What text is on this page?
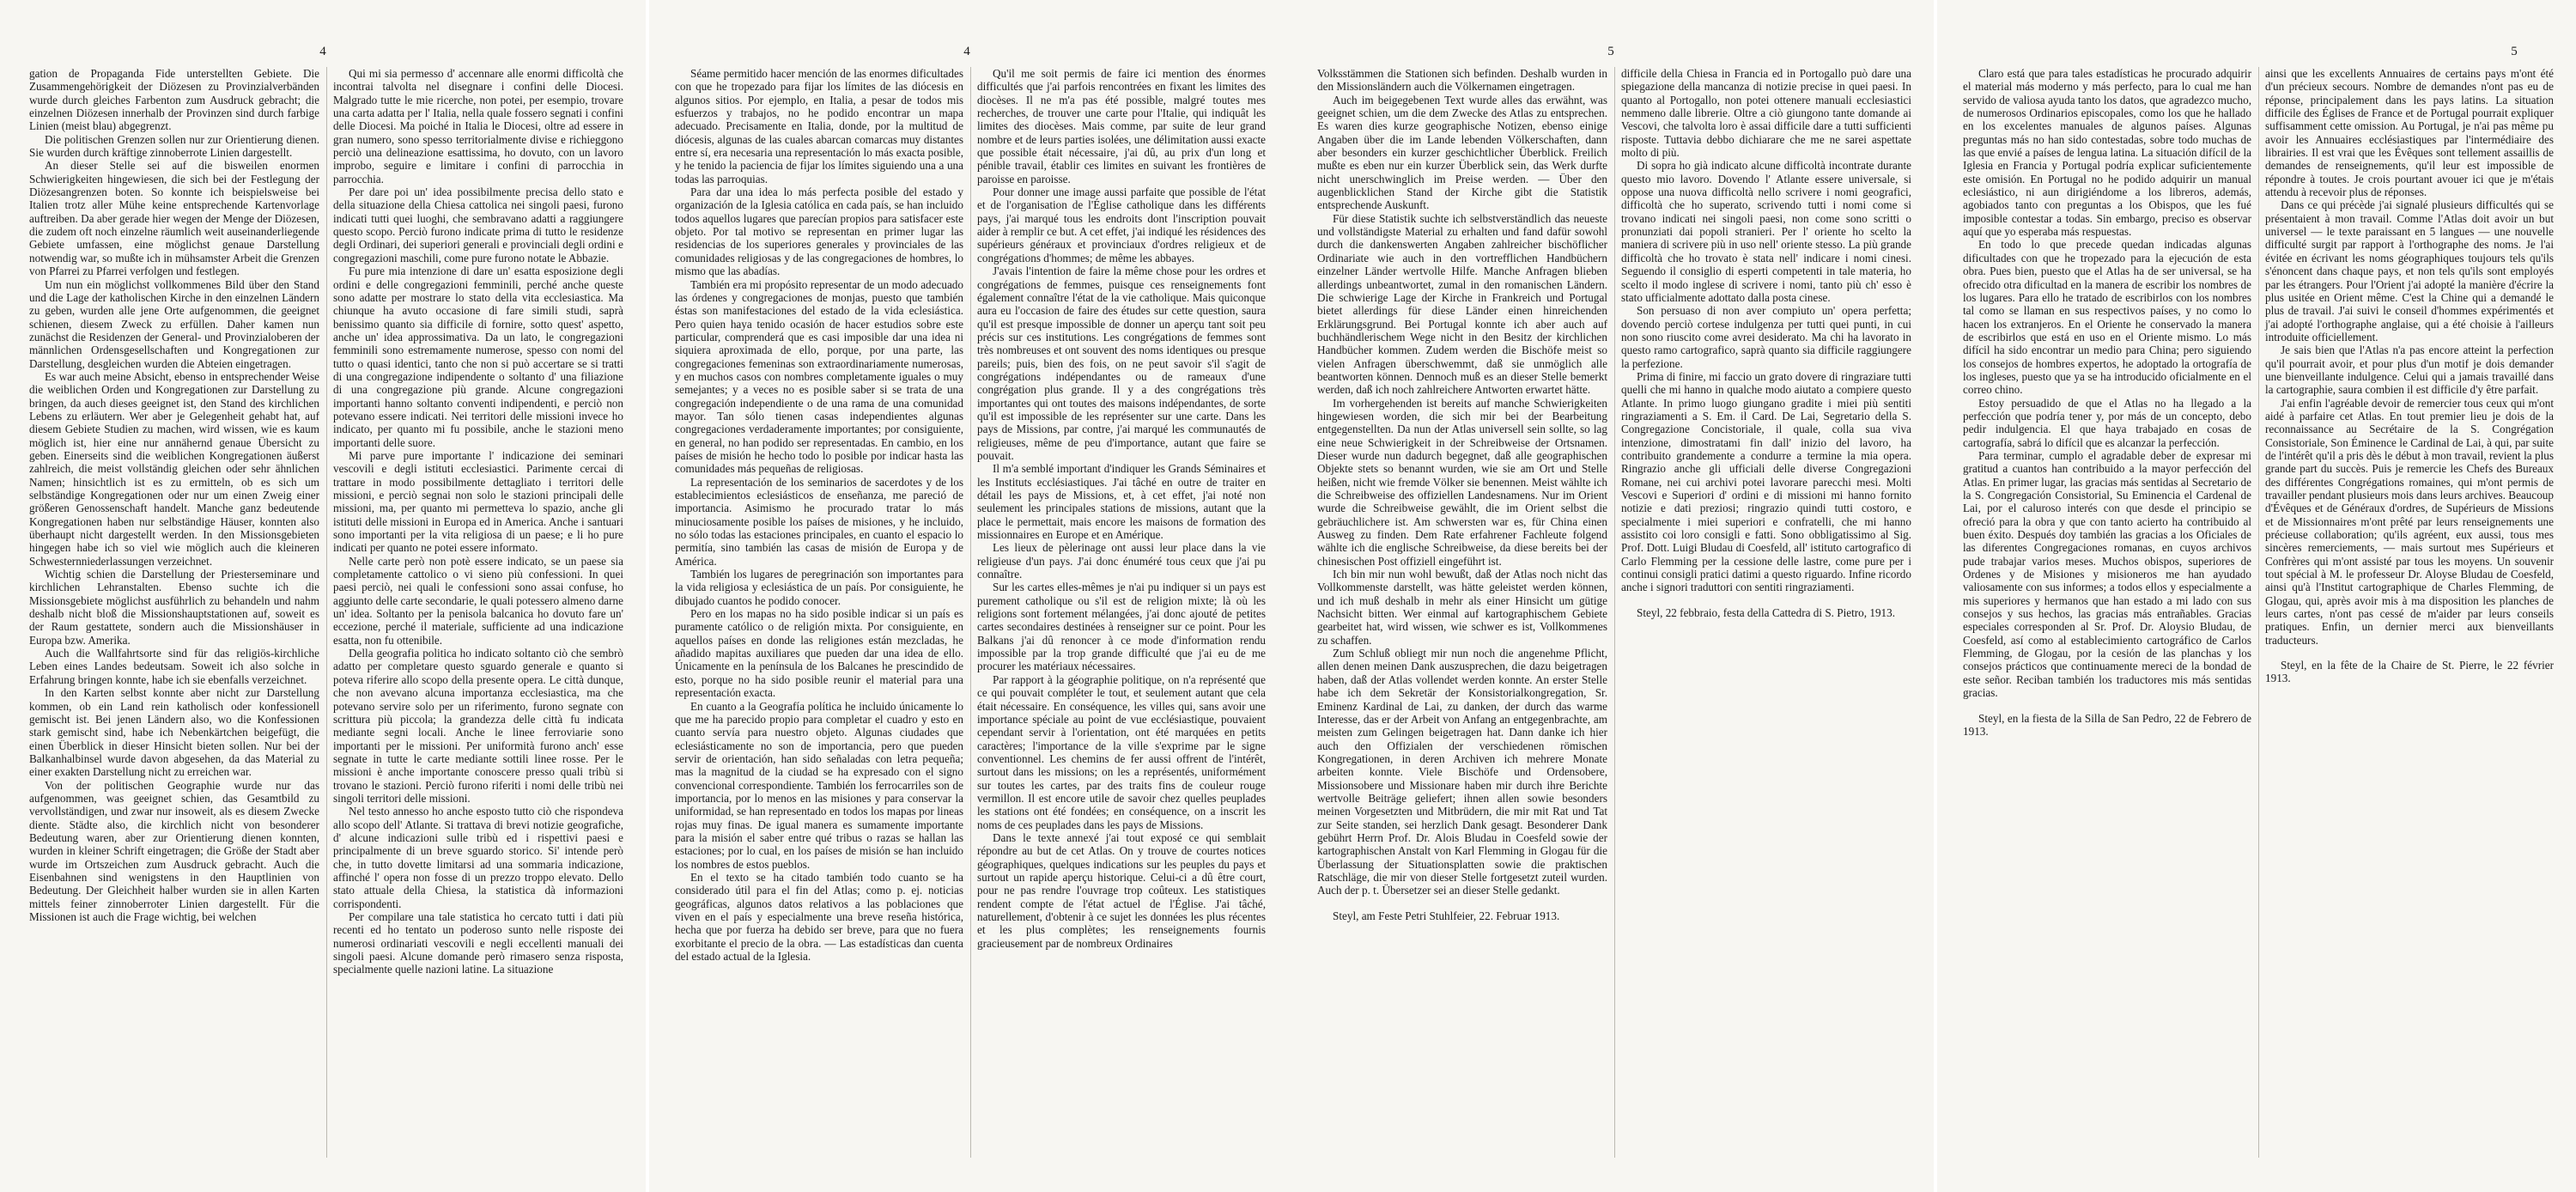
4

gation de Propaganda Fide unterstellten Gebiete. Die Zusammengehörigkeit der Diözesen zu Provinzialverbänden wurde durch gleiches Farbenton zum Ausdruck gebracht; die einzelnen Diözesen innerhalb der Provinzen sind durch farbige Linien (meist blau) abgegrenzt.

Die politischen Grenzen sollen nur zur Orientierung dienen. Sie wurden durch kräftige zinnoberrote Linien dargestellt.

An dieser Stelle sei auf die bisweilen enormen Schwierigkeiten hingewiesen, die sich bei der Festlegung der Diözesangrenzen boten. So konnte ich beispielsweise bei Italien trotz aller Mühe keine entsprechende Kartenvorlage auftreiben. Da aber gerade hier wegen der Menge der Diözesen, die zudem oft noch einzelne räumlich weit auseinanderliegende Gebiete umfassen, eine möglichst genaue Darstellung notwendig war, so mußte ich in mühsamster Arbeit die Grenzen von Pfarrei zu Pfarrei verfolgen und festlegen.

Um nun ein möglichst vollkommenes Bild über den Stand und die Lage der katholischen Kirche in den einzelnen Ländern zu geben, wurden alle jene Orte aufgenommen, die geeignet schienen, diesem Zweck zu erfüllen. Daher kamen nun zunächst die Residenzen der General- und Provinzialoberen der männlichen Ordensgesellschaften und Kongregationen zur Darstellung, desgleichen wurden die Abteien eingetragen.

Es war auch meine Absicht, ebenso in entsprechender Weise die weiblichen Orden und Kongregationen zur Darstellung zu bringen, da auch dieses geeignet ist, den Stand des kirchlichen Lebens zu erläutern. Wer aber je Gelegenheit gehabt hat, auf diesem Gebiete Studien zu machen, wird wissen, wie es kaum möglich ist, hier eine nur annähernd genaue Übersicht zu geben. Einerseits sind die weiblichen Kongregationen äußerst zahlreich, die meist vollständig gleichen oder sehr ähnlichen Namen; hinsichtlich ist es zu ermitteln, ob es sich um selbständige Kongregationen oder nur um einen Zweig einer größeren Genossenschaft handelt. Manche ganz bedeutende Kongregationen haben nur selbständige Häuser, konnten also überhaupt nicht dargestellt werden. In den Missionsgebieten hingegen habe ich so viel wie möglich auch die kleineren Schwesternniederlassungen verzeichnet.

Wichtig schien die Darstellung der Priesterseminare und kirchlichen Lehranstalten. Ebenso suchte ich die Missionsgebiete möglichst ausführlich zu behandeln und nahm deshalb nicht bloß die Missionshauptstationen auf, soweit es der Raum gestattete, sondern auch die Missionshäuser in Europa bzw. Amerika.

Auch die Wallfahrtsorte sind für das religiös-kirchliche Leben eines Landes bedeutsam. Soweit ich also solche in Erfahrung bringen konnte, habe ich sie ebenfalls verzeichnet.

In den Karten selbst konnte aber nicht zur Darstellung kommen, ob ein Land rein katholisch oder konfessionell gemischt ist. Bei jenen Ländern also, wo die Konfessionen stark gemischt sind, habe ich Nebenkärtchen beigefügt, die einen Überblick in dieser Hinsicht bieten sollen. Nur bei der Balkanhalbinsel wurde davon abgesehen, da das Material zu einer exakten Darstellung nicht zu erreichen war.

Von der politischen Geographie wurde nur das aufgenommen, was geeignet schien, das Gesamtbild zu vervollständigen, und zwar nur insoweit, als es diesem Zwecke diente. Städte also, die kirchlich nicht von besonderer Bedeutung waren, aber zur Orientierung dienen konnten, wurden in kleiner Schrift eingetragen; die Größe der Stadt aber wurde im Ortszeichen zum Ausdruck gebracht. Auch die Eisenbahnen sind wenigstens in den Hauptlinien von Bedeutung. Der Gleichheit halber wurden sie in allen Karten mittels feiner zinnoberroter Linien dargestellt. Für die Missionen ist auch die Frage wichtig, bei welchen

Qui mi sia permesso d' accennare alle enormi difficoltà che incontrai talvolta nel disegnare i confini delle Diocesi. Malgrado tutte le mie ricerche, non potei, per esempio, trovare una carta adatta per l' Italia, nella quale fossero segnati i confini delle Diocesi. Ma poiché in Italia le Diocesi, oltre ad essere in gran numero, sono spesso territorialmente divise e richieggono perciò una delineazione esattissima, ho dovuto, con un lavoro improbo, seguire e limitare i confini di parrocchia in parrocchia.

Per dare poi un' idea possibilmente precisa dello stato e della situazione della Chiesa cattolica nei singoli paesi, furono indicati tutti quei luoghi, che sembravano adatti a raggiungere questo scopo. Perciò furono indicate prima di tutto le residenze degli Ordinari, dei superiori generali e provinciali degli ordini e congregazioni maschili, come pure furono notate le Abbazie.

Fu pure mia intenzione di dare un' esatta esposizione degli ordini e delle congregazioni femminili, perché anche queste sono adatte per mostrare lo stato della vita ecclesiastica. Ma chiunque ha avuto occasione di fare simili studi, saprà benissimo quanto sia difficile di fornire, sotto quest' aspetto, anche un' idea approssimativa. Da un lato, le congregazioni femminili sono estremamente numerose, spesso con nomi del tutto o quasi identici, tanto che non si può accertare se si tratti di una congregazione indipendente o soltanto d' una filiazione di una congregazione più grande. Alcune congregazioni importanti hanno soltanto conventi indipendenti, e perciò non potevano essere indicati. Nei territori delle missioni invece ho indicato, per quanto mi fu possibile, anche le stazioni meno importanti delle suore.

Mi parve pure importante l' indicazione dei seminari vescovili e degli istituti ecclesiastici. Parimente cercai di trattare in modo possibilmente dettagliato i territori delle missioni, e perciò segnai non solo le stazioni principali delle missioni, ma, per quanto mi permetteva lo spazio, anche gli istituti delle missioni in Europa ed in America. Anche i santuari sono importanti per la vita religiosa di un paese; e li ho pure indicati per quanto ne potei essere informato.

Nelle carte però non potè essere indicato, se un paese sia completamente cattolico o vi sieno più confessioni. In quei paesi perciò, nei quali le confessioni sono assai confuse, ho aggiunto delle carte secondarie, le quali potessero almeno darne un' idea. Soltanto per la penisola balcanica ho dovuto fare un' eccezione, perché il materiale, sufficiente ad una indicazione esatta, non fu ottenibile.

Della geografia politica ho indicato soltanto ciò che sembrò adatto per completare questo sguardo generale e quanto si poteva riferire allo scopo della presente opera. Le città dunque, che non avevano alcuna importanza ecclesiastica, ma che potevano servire solo per un riferimento, furono segnate con scrittura più piccola; la grandezza delle città fu indicata mediante segni locali. Anche le linee ferroviarie sono importanti per le missioni. Per uniformità furono anch' esse segnate in tutte le carte mediante sottili linee rosse. Per le missioni è anche importante conoscere presso quali tribù si trovano le stazioni. Perciò furono riferiti i nomi delle tribù nei singoli territori delle missioni.

Nel testo annesso ho anche esposto tutto ciò che rispondeva allo scopo dell' Atlante. Si trattava di brevi notizie geografiche, d' alcune indicazioni sulle tribù ed i rispettivi paesi e principalmente di un breve sguardo storico. Si' intende però che, in tutto dovette limitarsi ad una sommaria indicazione, affinché l' opera non fosse di un prezzo troppo elevato. Dello stato attuale della Chiesa, la statistica dà informazioni corrispondenti.

Per compilare una tale statistica ho cercato tutti i dati più recenti ed ho tentato un poderoso sunto nelle risposte dei numerosi ordinariati vescovili e negli eccellenti manuali dei singoli paesi. Alcune domande però rimasero senza risposta, specialmente quelle nazioni latine. La situazione

4

Séame permitido hacer mención de las enormes dificultades con que he tropezado para fijar los límites de las diócesis en algunos sitios. Por ejemplo, en Italia, a pesar de todos mis esfuerzos y trabajos, no he podido encontrar un mapa adecuado. Precisamente en Italia, donde, por la multitud de diócesis, algunas de las cuales abarcan comarcas muy distantes entre sí, era necesaria una representación lo más exacta posible, y he tenido la paciencia de fijar los límites siguiendo una a una todas las parroquias.

Para dar una idea lo más perfecta posible del estado y organización de la Iglesia católica en cada país, se han incluido todos aquellos lugares que parecían propios para satisfacer este objeto. Por tal motivo se representan en primer lugar las residencias de los superiores generales y provinciales de las comunidades religiosas y de las congregaciones de hombres, lo mismo que las abadías.

También era mi propósito representar de un modo adecuado las órdenes y congregaciones de monjas, puesto que también éstas son manifestaciones del estado de la vida eclesiástica. Pero quien haya tenido ocasión de hacer estudios sobre este particular, comprenderá que es casi imposible dar una idea ni siquiera aproximada de ello, porque, por una parte, las congregaciones femeninas son extraordinariamente numerosas, y en muchos casos con nombres completamente iguales o muy semejantes; y a veces no es posible saber si se trata de una congregación independiente o de una rama de una comunidad mayor. Tan sólo tienen casas independientes algunas congregaciones verdaderamente importantes; por consiguiente, en general, no han podido ser representadas. En cambio, en los países de misión he hecho todo lo posible por indicar hasta las comunidades más pequeñas de religiosas.

La representación de los seminarios de sacerdotes y de los establecimientos eclesiásticos de enseñanza, me pareció de importancia. Asimismo he procurado tratar lo más minuciosamente posible los países de misiones, y he incluido, no sólo todas las estaciones principales, en cuanto el espacio lo permitía, sino también las casas de misión de Europa y de América.

También los lugares de peregrinación son importantes para la vida religiosa y eclesiástica de un país. Por consiguiente, he dibujado cuantos he podido conocer.

Pero en los mapas no ha sido posible indicar si un país es puramente católico o de religión mixta. Por consiguiente, en aquellos países en donde las religiones están mezcladas, he añadido mapitas auxiliares que pueden dar una idea de ello. Únicamente en la península de los Balcanes he prescindido de esto, porque no ha sido posible reunir el material para una representación exacta.

En cuanto a la Geografía política he incluido únicamente lo que me ha parecido propio para completar el cuadro y esto en cuanto servía para nuestro objeto. Algunas ciudades que eclesiásticamente no son de importancia, pero que pueden servir de orientación, han sido señaladas con letra pequeña; mas la magnitud de la ciudad se ha expresado con el signo convencional correspondiente. También los ferrocarriles son de importancia, por lo menos en las misiones y para conservar la uniformidad, se han representado en todos los mapas por lineas rojas muy finas. De igual manera es sumamente importante para la misión el saber entre qué tribus o razas se hallan las estaciones; por lo cual, en los países de misión se han incluido los nombres de estos pueblos.

En el texto se ha citado también todo cuanto se ha considerado útil para el fin del Atlas; como p. ej. noticias geográficas, algunos datos relativos a las poblaciones que viven en el país y especialmente una breve reseña histórica, hecha que por fuerza ha debido ser breve, para que no fuera exorbitante el precio de la obra. — Las estadísticas dan cuenta del estado actual de la Iglesia.

Qu'il me soit permis de faire ici mention des énormes difficultés que j'ai parfois rencontrées en fixant les limites des diocèses. Il ne m'a pas été possible, malgré toutes mes recherches, de trouver une carte pour l'Italie, qui indiquât les limites des diocèses. Mais comme, par suite de leur grand nombre et de leurs parties isolées, une délimitation aussi exacte que possible était nécessaire, j'ai dû, au prix d'un long et pénible travail, établir ces limites en suivant les frontières de paroisse en paroisse.

Pour donner une image aussi parfaite que possible de l'état et de l'organisation de l'Église catholique dans les différents pays, j'ai marqué tous les endroits dont l'inscription pouvait aider à remplir ce but. A cet effet, j'ai indiqué les résidences des supérieurs généraux et provinciaux d'ordres religieux et de congrégations d'hommes; de même les abbayes.

J'avais l'intention de faire la même chose pour les ordres et congrégations de femmes, puisque ces renseignements font également connaître l'état de la vie catholique. Mais quiconque aura eu l'occasion de faire des études sur cette question, saura qu'il est presque impossible de donner un aperçu tant soit peu précis sur ces institutions. Les congrégations de femmes sont très nombreuses et ont souvent des noms identiques ou presque pareils; puis, bien des fois, on ne peut savoir s'il s'agit de congrégations indépendantes ou de rameaux d'une congrégation plus grande. Il y a des congrégations très importantes qui ont toutes des maisons indépendantes, de sorte qu'il est impossible de les représenter sur une carte. Dans les pays de Missions, par contre, j'ai marqué les communautés de religieuses, même de peu d'importance, autant que faire se pouvait.

Il m'a semblé important d'indiquer les Grands Séminaires et les Instituts ecclésiastiques. J'ai tâché en outre de traiter en détail les pays de Missions, et, à cet effet, j'ai noté non seulement les principales stations de missions, autant que la place le permettait, mais encore les maisons de formation des missionnaires en Europe et en Amérique.

Les lieux de pèlerinage ont aussi leur place dans la vie religieuse d'un pays. J'ai donc énuméré tous ceux que j'ai pu connaître.

Sur les cartes elles-mêmes je n'ai pu indiquer si un pays est purement catholique ou s'il est de religion mixte; là où les religions sont fortement mélangées, j'ai donc ajouté de petites cartes secondaires destinées à renseigner sur ce point. Pour les Balkans j'ai dû renoncer à ce mode d'information rendu impossible par la trop grande difficulté que j'ai eu de me procurer les matériaux nécessaires.

Par rapport à la géographie politique, on n'a représenté que ce qui pouvait compléter le tout, et seulement autant que cela était nécessaire. En conséquence, les villes qui, sans avoir une importance spéciale au point de vue ecclésiastique, pouvaient cependant servir à l'orientation, ont été marquées en petits caractères; l'importance de la ville s'exprime par le signe conventionnel. Les chemins de fer aussi offrent de l'intérêt, surtout dans les missions; on les a représentés, uniformément sur toutes les cartes, par des traits fins de couleur rouge vermillon. Il est encore utile de savoir chez quelles peuplades les stations ont été fondées; en conséquence, on a inscrit les noms de ces peuplades dans les pays de Missions.

Dans le texte annexé j'ai tout exposé ce qui semblait répondre au but de cet Atlas. On y trouve de courtes notices géographiques, quelques indications sur les peuples du pays et surtout un rapide aperçu historique. Celui-ci a dû être court, pour ne pas rendre l'ouvrage trop coûteux. Les statistiques rendent compte de l'état actuel de l'Église. J'ai tâché, naturellement, d'obtenir à ce sujet les données les plus récentes et les plus complètes; les renseignements fournis gracieusement par de nombreux Ordinaires

5

Volksstämmen die Stationen sich befinden. Deshalb wurden in den Missionsländern auch die Völkernamen eingetragen.

Auch im beigegebenen Text wurde alles das erwähnt, was geeignet schien, um die dem Zwecke des Atlas zu entsprechen. Es waren dies kurze geographische Notizen, ebenso einige Angaben über die im Lande lebenden Völkerschaften, dann aber besonders ein kurzer geschichtlicher Überblick. Freilich mußte es eben nur ein kurzer Überblick sein, das Werk durfte nicht unerschwinglich im Preise werden. — Über den augenblicklichen Stand der Kirche gibt die Statistik entsprechende Auskunft.

Für diese Statistik suchte ich selbstverständlich das neueste und vollständigste Material zu erhalten und fand dafür sowohl durch die dankenswerten Angaben zahlreicher bischöflicher Ordinariate wie auch in den vortrefflichen Handbüchern einzelner Länder wertvolle Hilfe. Manche Anfragen blieben allerdings unbeantwortet, zumal in den romanischen Ländern. Die schwierige Lage der Kirche in Frankreich und Portugal bietet allerdings für diese Länder einen hinreichenden Erklärungsgrund. Bei Portugal konnte ich aber auch auf buchhändlerischem Wege nicht in den Besitz der kirchlichen Handbücher kommen. Zudem werden die Bischöfe meist so vielen Anfragen überschwemmt, daß sie unmöglich alle beantworten können. Dennoch muß es an dieser Stelle bemerkt werden, daß ich noch zahlreichere Antworten erwartet hätte.

Im vorhergehenden ist bereits auf manche Schwierigkeiten hingewiesen worden, die sich mir bei der Bearbeitung entgegenstellten. Da nun der Atlas universell sein sollte, so lag eine neue Schwierigkeit in der Schreibweise der Ortsnamen. Dieser wurde nun dadurch begegnet, daß alle geographischen Objekte stets so benannt wurden, wie sie am Ort und Stelle heißen, nicht wie fremde Völker sie benennen. Meist wählte ich die Schreibweise des offiziellen Landesnamens. Nur im Orient wurde die Schreibweise gewählt, die im Orient selbst die gebräuchlichere ist. Am schwersten war es, für China einen Ausweg zu finden. Dem Rate erfahrener Fachleute folgend wählte ich die englische Schreibweise, da diese bereits bei der chinesischen Post offiziell eingeführt ist.

Ich bin mir nun wohl bewußt, daß der Atlas noch nicht das Vollkommenste darstellt, was hätte geleistet werden können, und ich muß deshalb in mehr als einer Hinsicht um gütige Nachsicht bitten. Wer einmal auf kartographischem Gebiete gearbeitet hat, wird wissen, wie schwer es ist, Vollkommenes zu schaffen.

Zum Schluß obliegt mir nun noch die angenehme Pflicht, allen denen meinen Dank auszusprechen, die dazu beigetragen haben, daß der Atlas vollendet werden konnte. An erster Stelle habe ich dem Sekretär der Konsistorialkongregation, Sr. Eminenz Kardinal de Lai, zu danken, der durch das warme Interesse, das er der Arbeit von Anfang an entgegenbrachte, am meisten zum Gelingen beigetragen hat. Dann danke ich hier auch den Offizialen der verschiedenen römischen Kongregationen, in deren Archiven ich mehrere Monate arbeiten konnte. Viele Bischöfe und Ordensobere, Missionsobere und Missionare haben mir durch ihre Berichte wertvolle Beiträge geliefert; ihnen allen sowie besonders meinen Vorgesetzten und Mitbrüdern, die mir mit Rat und Tat zur Seite standen, sei herzlich Dank gesagt. Besonderer Dank gebührt Herrn Prof. Dr. Alois Bludau in Coesfeld sowie der kartographischen Anstalt von Karl Flemming in Glogau für die Überlassung der Situationsplatten sowie die praktischen Ratschläge, die mir von dieser Stelle fortgesetzt zuteil wurden. Auch der p. t. Übersetzer sei an dieser Stelle gedankt.

Steyl, am Feste Petri Stuhlfeier, 22. Februar 1913.

difficile della Chiesa in Francia ed in Portogallo può dare una spiegazione della mancanza di notizie precise in quei paesi. In quanto al Portogallo, non potei ottenere manuali ecclesiastici nemmeno dalle librerie. Oltre a ciò giungono tante domande ai Vescovi, che talvolta loro è assai difficile dare a tutti sufficienti risposte. Tuttavia debbo dichiarare che me ne sarei aspettate molto di più.

Di sopra ho già indicato alcune difficoltà incontrate durante questo mio lavoro. Dovendo l' Atlante essere universale, si oppose una nuova difficoltà nello scrivere i nomi geografici, difficoltà che ho superato, scrivendo tutti i nomi come si trovano indicati nei singoli paesi, non come sono scritti o pronunziati dai popoli stranieri. Per l' oriente ho scelto la maniera di scrivere più in uso nell' oriente stesso. La più grande difficoltà che ho trovato è stata nell' indicare i nomi cinesi. Seguendo il consiglio di esperti competenti in tale materia, ho scelto il modo inglese di scrivere i nomi, tanto più ch' esso è stato ufficialmente adottato dalla posta cinese.

Son persuaso di non aver compiuto un' opera perfetta; dovendo perciò cortese indulgenza per tutti quei punti, in cui non sono riuscito come avrei desiderato. Ma chi ha lavorato in questo ramo cartografico, saprà quanto sia difficile raggiungere la perfezione.

Prima di finire, mi faccio un grato dovere di ringraziare tutti quelli che mi hanno in qualche modo aiutato a compiere questo Atlante. In primo luogo giungano gradite i miei più sentiti ringraziamenti a S. Em. il Card. De Lai, Segretario della S. Congregazione Concistoriale, il quale, colla sua viva intenzione, dimostratami fin dall' inizio del lavoro, ha contribuito grandemente a condurre a termine la mia opera. Ringrazio anche gli ufficiali delle diverse Congregazioni Romane, nei cui archivi potei lavorare parecchi mesi. Molti Vescovi e Superiori d' ordini e di missioni mi hanno fornito notizie e dati preziosi; ringrazio quindi tutti costoro, e specialmente i miei superiori e confratelli, che mi hanno assistito coi loro consigli e fatti. Sono obbligatissimo al Sig. Prof. Dott. Luigi Bludau di Coesfeld, all' istituto cartografico di Carlo Flemming per la cessione delle lastre, come pure per i continui consigli pratici datimi a questo riguardo. Infine ricordo anche i signori traduttori con sentiti ringraziamenti.

Steyl, 22 febbraio, festa della Cattedra di S. Pietro, 1913.

5

Claro está que para tales estadísticas he procurado adquirir el material más moderno y más perfecto, para lo cual me han servido de valiosa ayuda tanto los datos, que agradezco mucho, de numerosos Ordinarios episcopales, como los que he hallado en los excelentes manuales de algunos países. Algunas preguntas más no han sido contestadas, sobre todo muchas de las que envié a países de lengua latina. La situación difícil de la Iglesia en Francia y Portugal podría explicar suficientemente este omisión. En Portugal no he podido adquirir un manual eclesiástico, ni aun dirigiéndome a los libreros, además, agobiados tanto con preguntas a los Obispos, que les fué imposible contestar a todas. Sin embargo, preciso es observar aquí que yo esperaba más respuestas.

En todo lo que precede quedan indicadas algunas dificultades con que he tropezado para la ejecución de esta obra. Pues bien, puesto que el Atlas ha de ser universal, se ha ofrecido otra dificultad en la manera de escribir los nombres de los lugares. Para ello he tratado de escribirlos con los nombres tal como se llaman en sus respectivos países, y no como lo hacen los extranjeros. En el Oriente he conservado la manera de escribirlos que está en uso en el Oriente mismo. Lo más difícil ha sido encontrar un medio para China; pero siguiendo los consejos de hombres expertos, he adoptado la ortografía de los ingleses, puesto que ya se ha introducido oficialmente en el correo chino.

Estoy persuadido de que el Atlas no ha llegado a la perfección que podría tener y, por más de un concepto, debo pedir indulgencia. El que haya trabajado en cosas de cartografía, sabrá lo difícil que es alcanzar la perfección.

Para terminar, cumplo el agradable deber de expresar mi gratitud a cuantos han contribuido a la mayor perfección del Atlas. En primer lugar, las gracias más sentidas al Secretario de la S. Congregación Consistorial, Su Eminencia el Cardenal de Lai, por el caluroso interés con que desde el principio se ofreció para la obra y que con tanto acierto ha contribuido al buen éxito. Después doy también las gracias a los Oficiales de las diferentes Congregaciones romanas, en cuyos archivos pude trabajar varios meses. Muchos obispos, superiores de Ordenes y de Misiones y misioneros me han ayudado valiosamente con sus informes; a todos ellos y especialmente a mis superiores y hermanos que han estado a mi lado con sus consejos y sus hechos, las gracias más entrañables. Gracias especiales corresponden al Sr. Prof. Dr. Aloysio Bludau, de Coesfeld, así como al establecimiento cartográfico de Carlos Flemming, de Glogau, por la cesión de las planchas y los consejos prácticos que continuamente mereci de la bondad de este señor. Reciban también los traductores mis más sentidas gracias.

Steyl, en la fiesta de la Silla de San Pedro, 22 de Febrero de 1913.

ainsi que les excellents Annuaires de certains pays m'ont été d'un précieux secours. Nombre de demandes n'ont pas eu de réponse, principalement dans les pays latins. La situation difficile des Églises de France et de Portugal pourrait expliquer suffisamment cette omission. Au Portugal, je n'ai pas même pu avoir les Annuaires ecclésiastiques par l'intermédiaire des librairies. Il est vrai que les Évêques sont tellement assaillis de demandes de renseignements, qu'il leur est impossible de répondre à toutes. Je crois pourtant avouer ici que je m'étais attendu à recevoir plus de réponses.

Dans ce qui précède j'ai signalé plusieurs difficultés qui se présentaient à mon travail. Comme l'Atlas doit avoir un but universel — le texte paraissant en 5 langues — une nouvelle difficulté surgit par rapport à l'orthographe des noms. Je l'ai évitée en écrivant les noms géographiques toujours tels qu'ils s'énoncent dans chaque pays, et non tels qu'ils sont employés par les étrangers. Pour l'Orient j'ai adopté la manière d'écrire la plus usitée en Orient même. C'est la Chine qui a demandé le plus de travail. J'ai suivi le conseil d'hommes expérimentés et j'ai adopté l'orthographe anglaise, qui a été choisie à l'ailleurs introduite officiellement.

Je sais bien que l'Atlas n'a pas encore atteint la perfection qu'il pourrait avoir, et pour plus d'un motif je dois demander une bienveillante indulgence. Celui qui a jamais travaillé dans la cartographie, saura combien il est difficile d'y être parfait.

J'ai enfin l'agréable devoir de remercier tous ceux qui m'ont aidé à parfaire cet Atlas. En tout premier lieu je dois de la reconnaissance au Secrétaire de la S. Congrégation Consistoriale, Son Éminence le Cardinal de Lai, à qui, par suite de l'intérêt qu'il a pris dès le début à mon travail, revient la plus grande part du succès. Puis je remercie les Chefs des Bureaux des différentes Congrégations romaines, qui m'ont permis de travailler pendant plusieurs mois dans leurs archives. Beaucoup d'Évêques et de Généraux d'ordres, de Supérieurs de Missions et de Missionnaires m'ont prêté par leurs renseignements une précieuse collaboration; qu'ils agréent, eux aussi, tous mes sincères remerciements, — mais surtout mes Supérieurs et Confrères qui m'ont assisté par tous les moyens. Un souvenir tout spécial à M. le professeur Dr. Aloyse Bludau de Coesfeld, ainsi qu'à l'Institut cartographique de Charles Flemming, de Glogau, qui, après avoir mis à ma disposition les planches de leurs cartes, n'ont pas cessé de m'aider par leurs conseils pratiques. Enfin, un dernier merci aux bienveillants traducteurs.

Steyl, en la fête de la Chaire de St. Pierre, le 22 février 1913.
